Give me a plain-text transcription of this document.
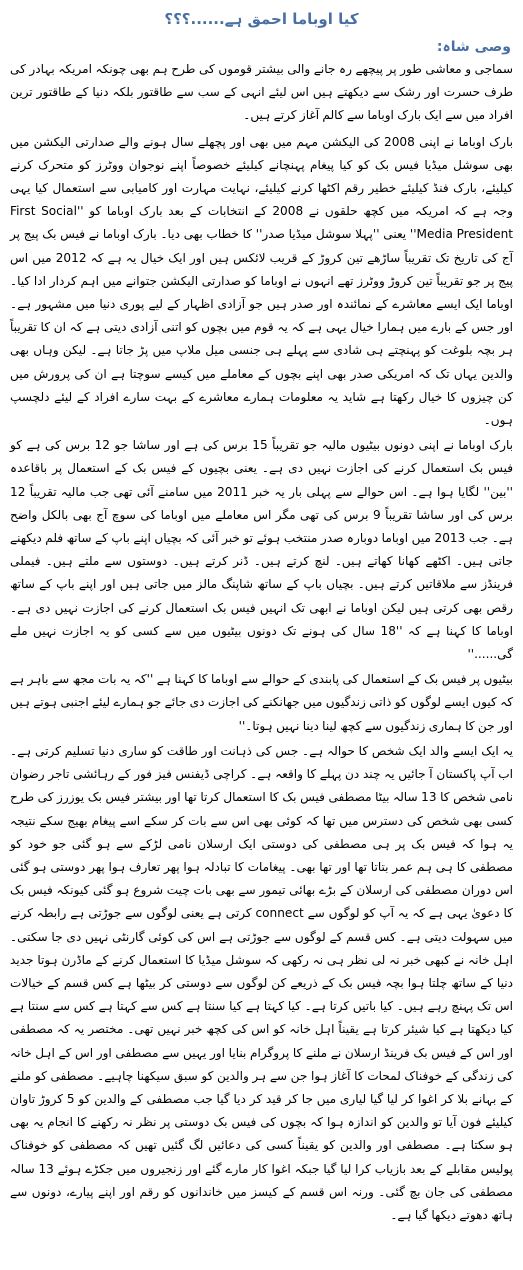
کیا اوباما احمق ہے......؟؟؟
وصی شاہ:

سماجی و معاشی طور پر پیچھے رہ جانے والی بیشتر قوموں کی طرح ہم بھی چونکہ امریکہ بہادر کی طرف حسرت اور رشک سے دیکھتے ہیں اس لیئے انہی کے سب سے طاقتور بلکہ دنیا کے طاقتور ترین افراد میں سے ایک بارک اوباما سے کالم آغاز کرتے ہیں۔

بارک اوباما نے اپنی 2008 کی الیکشن مہم میں بھی اور پچھلے سال ہونے والے صدارتی الیکشن میں بھی سوشل میڈیا فیس بک کو کیا پیغام پہنچانے کیلیئے خصوصاً اپنے نوجوان ووٹرز کو متحرک کرنے کیلیئے، بارک فنڈ کیلیئے خطیر رقم اکٹھا کرنے کیلیئے، نہایت مہارت اور کامیابی سے استعمال کیا یہی وجہ ہے کہ امریکہ میں کچھ حلقوں نے 2008 کے انتخابات کے بعد بارک اوباما کو ''First Social Media President'' یعنی ''پہلا سوشل میڈیا صدر'' کا خطاب بھی دیا۔ بارک اوباما نے فیس بک پیج پر آج کی تاریخ تک تقریباً ساڑھے تین کروڑ کے قریب لائکس ہیں اور ایک خیال یہ ہے کہ 2012 میں اس پیج پر جو تقریباً تین کروڑ ووٹرز تھے انہوں نے اوباما کو صدارتی الیکشن جتوانے میں اہم کردار ادا کیا۔ اوباما ایک ایسے معاشرے کے نمائندہ اور صدر ہیں جو آزادی اظہار کے لیے پوری دنیا میں مشہور ہے۔ اور جس کے بارے میں ہمارا خیال یہی ہے کہ یہ قوم میں بچوں کو اتنی آزادی دیتی ہے کہ ان کا تقریباً ہر بچہ بلوغت کو پہنچتے ہی شادی سے پہلے ہی جنسی میل ملاپ میں پڑ جاتا ہے۔ لیکن وہاں بھی والدین یہاں تک کہ امریکی صدر بھی اپنے بچوں کے معاملے میں کیسے سوچتا ہے ان کی پرورش میں کن چیزوں کا خیال رکھتا ہے شاید یہ معلومات ہمارے معاشرے کے بہت سارے افراد کے لیئے دلچسپ ہوں۔

بارک اوباما نے اپنی دونوں بیٹیوں مالیہ جو تقریباً 15 برس کی ہے اور ساشا جو 12 برس کی ہے کو فیس بک استعمال کرنے کی اجازت نہیں دی ہے۔ یعنی بچیوں کے فیس بک کے استعمال پر باقاعدہ ''بین'' لگایا ہوا ہے۔ اس حوالے سے پہلی بار یہ خبر 2011 میں سامنے آئی تھی جب مالیہ تقریباً 12 برس کی اور ساشا تقریباً 9 برس کی تھی مگر اس معاملے میں اوباما کی سوچ آج بھی بالکل واضح ہے۔ جب 2013 میں اوباما دوبارہ صدر منتخب ہوئے تو خبر آئی کہ بچیاں اپنے باپ کے ساتھ فلم دیکھنے جاتی ہیں۔ اکٹھے کھانا کھاتے ہیں۔ لنچ کرتے ہیں۔ ڈنر کرتے ہیں۔ دوستوں سے ملتے ہیں۔ فیملی فرینڈز سے ملاقاتیں کرتے ہیں۔ بچیاں باپ کے ساتھ شاپنگ مالز میں جاتی ہیں اور اپنے باپ کے ساتھ رقص بھی کرتی ہیں لیکن اوباما نے ابھی تک انہیں فیس بک استعمال کرنے کی اجازت نہیں دی ہے۔ اوباما کا کہنا ہے کہ ''18 سال کی ہونے تک دونوں بیٹیوں میں سے کسی کو یہ اجازت نہیں ملے گی......''

بیٹیوں پر فیس بک کے استعمال کی پابندی کے حوالے سے اوباما کا کہنا ہے ''کہ یہ بات مجھ سے باہر ہے کہ کیوں ایسے لوگوں کو ذاتی زندگیوں میں جھانکنے کی اجازت دی جائے جو ہمارے لیئے اجنبی ہوتے ہیں اور جن کا ہماری زندگیوں سے کچھ لینا دینا نہیں ہوتا۔''

یہ ایک ایسے والد ایک شخص کا حوالہ ہے۔ جس کی ذہانت اور طاقت کو ساری دنیا تسلیم کرتی ہے۔ اب آپ پاکستان آ جائیں یہ چند دن پہلے کا واقعہ ہے۔ کراچی ڈیفنس فیز فور کے رہائشی تاجر رضوان نامی شخص کا 13 سالہ بیٹا مصطفی فیس بک کا استعمال کرتا تھا اور بیشتر فیس بک یوزرز کی طرح کسی بھی شخص کی دسترس میں تھا کہ کوئی بھی اس سے بات کر سکے اسے پیغام بھیج سکے نتیجہ یہ ہوا کہ فیس بک پر ہی مصطفی کی دوستی ایک ارسلان نامی لڑکے سے ہو گئی جو خود کو مصطفی کا ہی ہم عمر بتاتا تھا اور تھا بھی۔ پیغامات کا تبادلہ ہوا پھر تعارف ہوا پھر دوستی ہو گئی اس دوران مصطفی کی ارسلان کے بڑے بھائی تیمور سے بھی بات چیت شروع ہو گئی کیونکہ فیس بک کا دعویٰ یہی ہے کہ یہ آپ کو لوگوں سے connect کرتی ہے یعنی لوگوں سے جوڑتی ہے رابطہ کرنے میں سہولت دیتی ہے۔ کس قسم کے لوگوں سے جوڑتی ہے اس کی کوئی گارنٹی نہیں دی جا سکتی۔ اہل خانہ نے کبھی خبر نہ لی نظر ہی نہ رکھی کہ سوشل میڈیا کا استعمال کرنے کے ماڈرن ہوتا جدید دنیا کے ساتھ چلتا ہوا بچہ فیس بک کے ذریعے کن لوگوں سے دوستی کر بیٹھا ہے کس قسم کے خیالات اس تک پہنچ رہے ہیں۔ کیا باتیں کرتا ہے۔ کیا کہتا ہے کیا سنتا ہے کس سے کہتا ہے کس سے سنتا ہے کیا دیکھتا ہے کیا شیئر کرتا ہے یقیناً اہل خانہ کو اس کی کچھ خبر نہیں تھی۔ مختصر یہ کہ مصطفی اور اس کے فیس بک فرینڈ ارسلان نے ملنے کا پروگرام بنایا اور یہیں سے مصطفی اور اس کے اہل خانہ کی زندگی کے خوفناک لمحات کا آغاز ہوا جن سے ہر والدین کو سبق سیکھنا چاہیے۔ مصطفی کو ملنے کے بہانے بلا کر اغوا کر لیا گیا لیاری میں جا کر قید کر دیا گیا جب مصطفی کے والدین کو 5 کروڑ تاوان کیلیئے فون آیا تو والدین کو اندازہ ہوا کہ بچوں کی فیس بک دوستی پر نظر نہ رکھنے کا انجام یہ بھی ہو سکتا ہے۔ مصطفی اور والدین کو یقیناً کسی کی دعائیں لگ گئیں تھیں کہ مصطفی کو خوفناک پولیس مقابلے کے بعد بازیاب کرا لیا گیا جبکہ اغوا کار مارے گئے اور زنجیروں میں جکڑے ہوئے 13 سالہ مصطفی کی جان بچ گئی۔ ورنہ اس قسم کے کیسز میں خاندانوں کو رقم اور اپنے پیارے، دونوں سے ہاتھ دھوتے دیکھا گیا ہے۔
